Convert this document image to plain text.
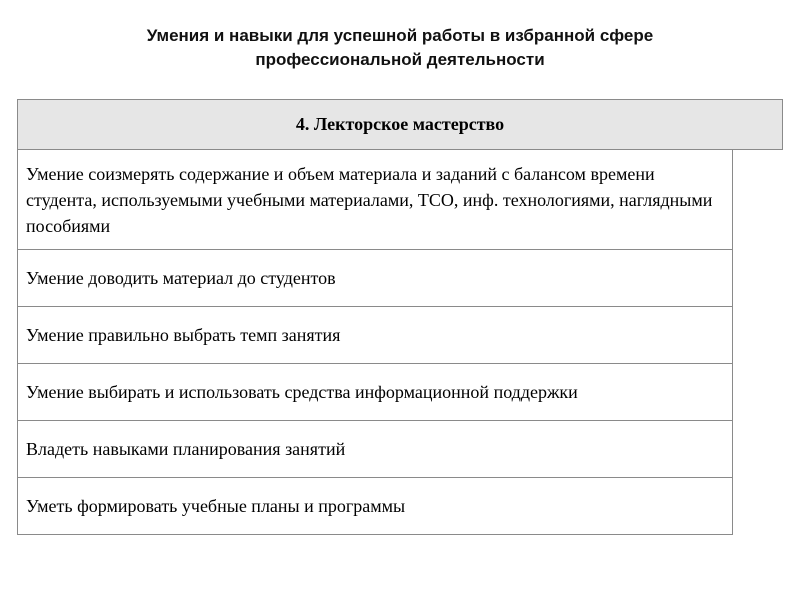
Умения и навыки для успешной работы в избранной сфере
профессиональной деятельности
4. Лекторское мастерство
Умение соизмерять содержание и объем материала и заданий с балансом времени студента, используемыми учебными материалами, ТСО, инф. технологиями, наглядными пособиями
Умение доводить материал до студентов
Умение правильно выбрать темп занятия
Умение выбирать и использовать средства информационной поддержки
Владеть навыками планирования занятий
Уметь формировать учебные планы и программы
